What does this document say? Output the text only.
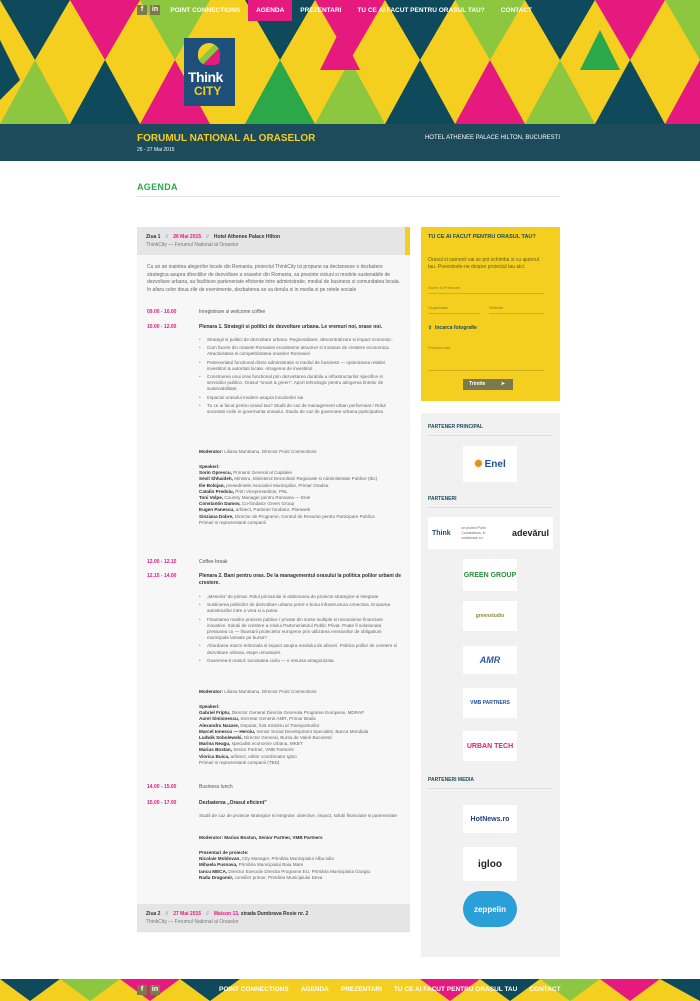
f	in	POINT CONNECTIONS	AGENDA	PREZENTARI	TU CE AI FACUT PENTRU ORASUL TAU?	CONTACT
Think
CITY
FORUMUL NATIONAL AL ORASELOR
26 - 27 Mai 2015
HOTEL ATHENEE PALACE HILTON, BUCURESTI
AGENDA
Ziua 1 // 26 Mai 2015 // Hotel Athenee Palace Hilton
ThinkCity — Forumul National al Oraselor
Cu un an inaintea alegerilor locale din Romania, proiectul ThinkCity isi propune sa declanseze o dezbatere strategica asupra directiilor de dezvoltare a oraselor din Romania, sa prezinte viziuni si modele sustenabile de dezvoltare urbana, sa faciliteze parteneriate eficiente intre administratie, mediul de business si comunitatea locala. In afara celor doua zile de evenimente, dezbaterea se va derula si in media si pe retele sociale
09.00 - 10.00	Inregistrare si welcome coffee
10.00 - 12.00	Plenara 1. Strategii si politici de dezvoltare urbana. Le vremuri noi, orase noi.
• Strategii si politici de dezvoltare urbana. Regionalizare, descentralizare si impact economic.
• Cum facem din orasele Romaniei ecosisteme atractive si motoare de crestere economica. Atractivitatea si competitivitatea oraselor Romaniei
• Parteneriatul functional dintre administratie si mediul de business — optimizarea relatiei investitori & autoritati locale. Atragerea de investitori
• Construirea unui oras functional prin dezvoltarea durabila a infrastructurilor specifice si serviciilor publice. Orasul "smart & green". Aport tehnologic pentru atingerea tintelor de sustenabilitate.
• Impactul orasului modern asupra locuitorilor sai
• Tu ce ai facut pentru orasul tau? Studii de caz de management urban performant / Rolul societatii civile in guvernanta orasului. Studiu de caz de guvernare urbana participativa
Moderator: Liliana Munteanu, Director Point Connections
Speakeri:
Sorin Oprescu, Primarul General al Capitalei
Sevil Shhaideh, Ministru, Ministerul Dezvoltarii Regionale si Administratiei Publice (tbc)
Ilie Bolojan, presedintele Asociatiei Municipiilor, Primar Oradea
Catalin Predoiu, Prim Vicepresedinte, PNL
Toni Volpe, Country Manager pentru Romania — Enel
Constantin Damov, Co-fondator Green Group
Eugen Panescu, arhitect, Partener fondator, Planwerk
Sinziana Dobre, Director de Programe, Centrul de Resurse pentru Participare Publica
Primari si reprezentanti companii
12.00 - 12.15	Coffee break
12.15 - 14.00	Plenara 2. Bani pentru oras. De la managementul orasului la politica polilor urbani de crestere.
• „Meseria” de primar. Rolul primarului in elaborarea de proiecte strategice si integrate
• Sustinerea politicilor de dezvoltare urbana printr-o buna infrastructura conectiva. Eroparea autostrazilor intre a vrea si a putea
• Finantarea marilor proiecte publice / private din surse multiple si mecanisme financiare inovative. Solutii de crestere a rolului Parteneriatului Public Privat. Poate fi solutionata presiunea co — finantarii proiectelor europene prin utilizarea emisiunilor de obligatiuni municipale lansate pe bursa?
• Abordarea macro teritoriala si impact asupra mediului de afaceri. Politica polilor de crestere si dezvoltare urbana, etape urmatoare.
• Guvernea-ti orasul: societatea civila — o resursa antagonizata
Moderator: Liliana Munteanu, Director Point Connections
Speakeri:
Gabriel Friptu, Director General Directia Generala Programe Europene, MDRAP
Aurel Simionescu, Secretar General AMR, Primar Braila
Alexandru Nazare, Deputat, fost ministru al Transporturilor
Marcel Ionescu — Heroiu, Senior Social Development Specialist, Banca Mondiala
Ludwik Sobolewski, Director General, Bursa de Valori Bucuresti
Marina Neagu, specialist economie urbana, MKBT
Marius Bostan, Senior Partner, VMB Partners
Viorica Buica, arhitect, editor coordonator Igloo
Primari si reprezentanti companii (TBD)
14.00 - 15.00	Business lunch
15.00 - 17.00	Dezbaterea „Orasul eficient”
Studii de caz de proiecte strategice si integrate: obiective, impact, solutii financiare si parteneriate
Moderator: Marius Bostan, Senior Partner, VMB Partners
Prezentari de proiecte:
Nicolaie Moldovan, City Manager, Primăria Municipiului Alba Iulia
Mihaela Pusnava, Primăria Municipiului Baia Mare
Iancu MECA, Director Executiv Directia Programe EU, Primăria Municipiului Giurgiu
Radu Dragomir, consilier primar, Primăria Municipiului Deva
Ziua 2 // 27 Mai 2015 // Maison 13, strada Dumbrava Rosie nr. 2
ThinkCity — Forumul National al Oraselor
TU CE AI FACUT PENTRU ORASUL TAU?
Orasul si oamenii sai se pot schimba si cu ajutorul tau. Povesteste-ne despre proiectul tau aici.
Nume si Prenume
Organizatie	Website
⇪ Incarca fotografie
Proiectul tau
Trimite	➤
PARTENER PRINCIPAL
✺ Enel
PARTENERI
Think
un proiect Point Connections, in colaborare cu	adevărul
GREEN GROUP
greenstudio
AMR
VMB PARTNERS
URBAN TECH
PARTENERI MEDIA
HotNews.ro
igloo
zeppelin
f	in	POINT CONNECTIONS	AGENDA	PREZENTARI	TU CE AI FACUT PENTRU ORASUL TAU	CONTACT
